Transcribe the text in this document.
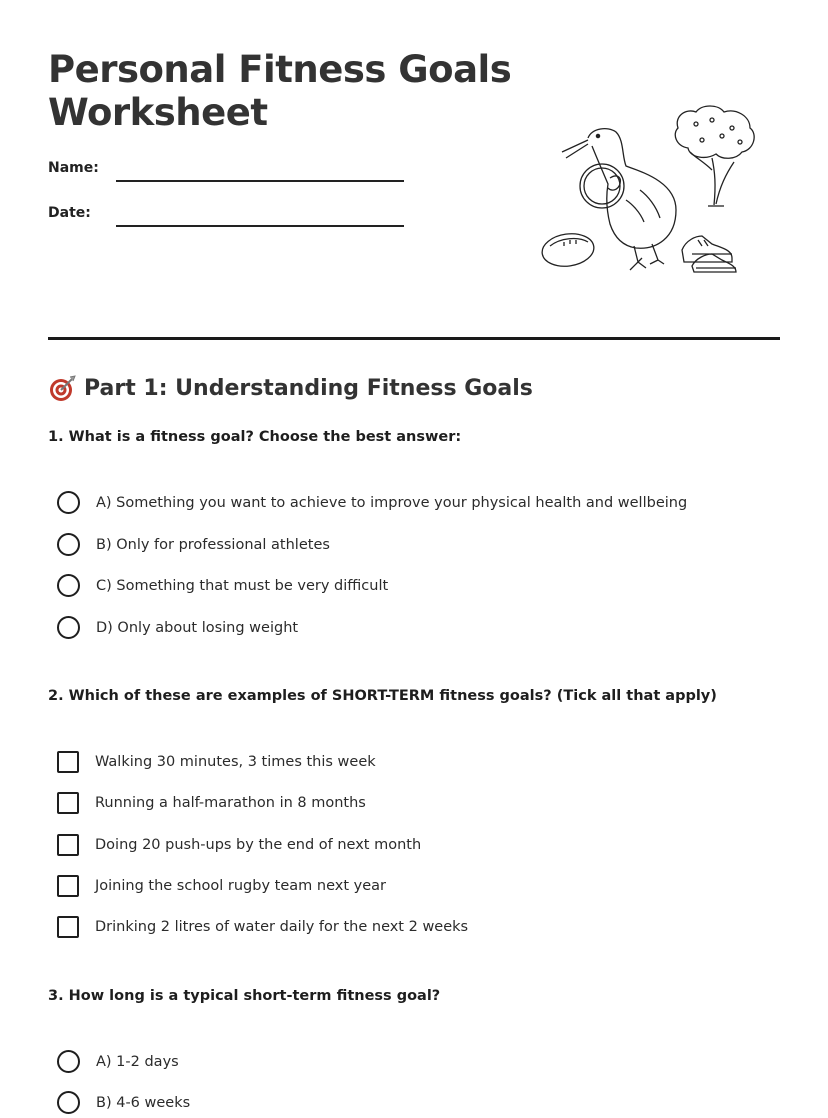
Personal Fitness Goals
Worksheet
Name:
Date:
Part 1: Understanding Fitness Goals
1. What is a fitness goal? Choose the best answer:
A) Something you want to achieve to improve your physical health and wellbeing
B) Only for professional athletes
C) Something that must be very difficult
D) Only about losing weight
2. Which of these are examples of SHORT-TERM fitness goals? (Tick all that apply)
Walking 30 minutes, 3 times this week
Running a half-marathon in 8 months
Doing 20 push-ups by the end of next month
Joining the school rugby team next year
Drinking 2 litres of water daily for the next 2 weeks
3. How long is a typical short-term fitness goal?
A) 1-2 days
B) 4-6 weeks
